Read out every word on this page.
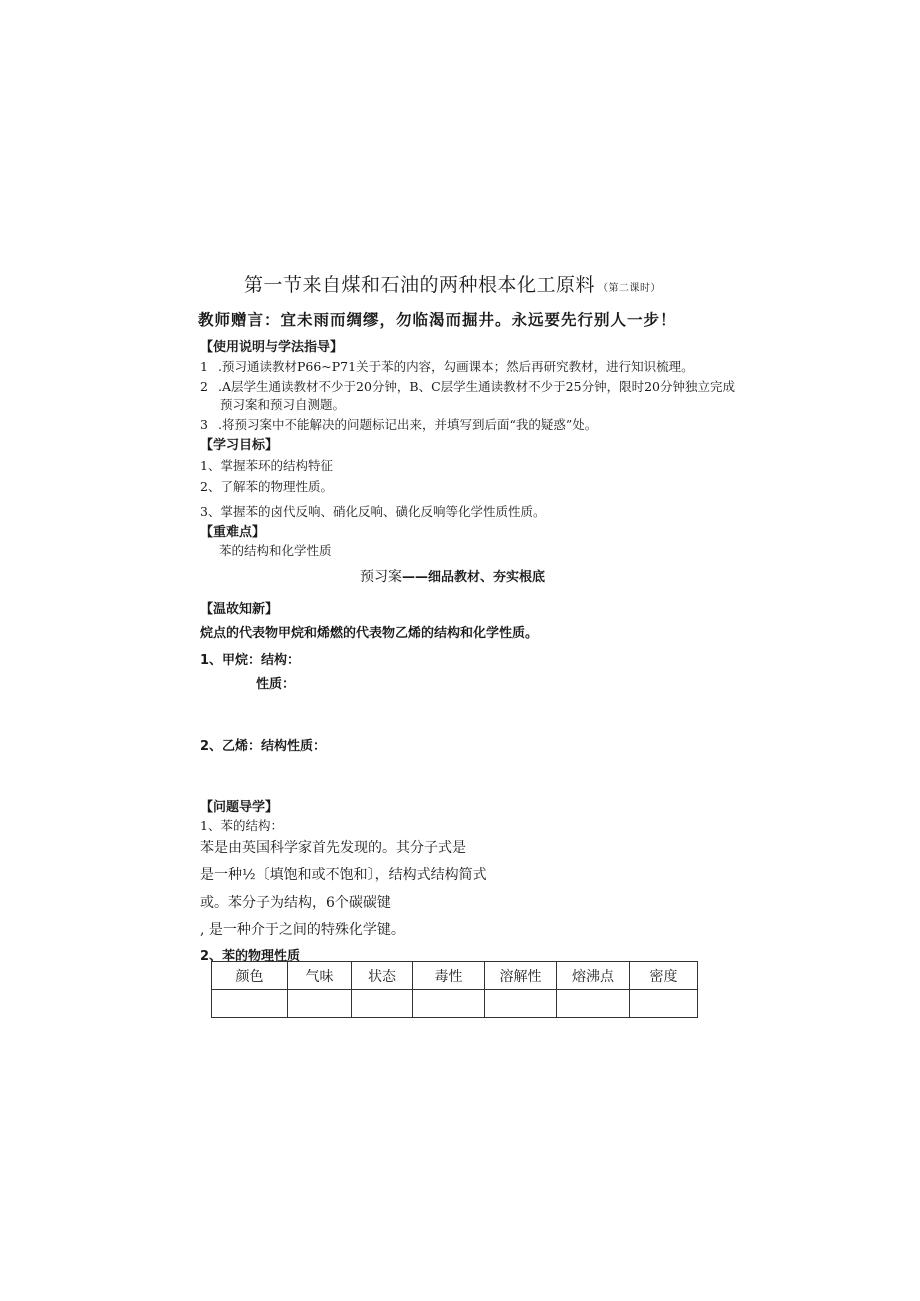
第一节来自煤和石油的两种根本化工原料 （第二课时）
教师赠言：宜未雨而绸缪，勿临渴而掘井。永远要先行别人一步！
【使用说明与学法指导】
1 .预习通读教材P66~P71关于苯的内容，勾画课本；然后再研究教材，进行知识梳理。
2 .A层学生通读教材不少于20分钟，B、C层学生通读教材不少于25分钟，限时20分钟独立完成
预习案和预习自测题。
3 .将预习案中不能解决的问题标记出来，并填写到后面“我的疑惑”处。
【学习目标】
1、掌握苯环的结构特征
2、了解苯的物理性质。
3、掌握苯的卤代反响、硝化反响、磺化反响等化学性质性质。
【重难点】
苯的结构和化学性质
预习案——细品教材、夯实根底
【温故知新】
烷点的代表物甲烷和烯燃的代表物乙烯的结构和化学性质。
1、甲烷：结构：
性质：
2、乙烯：结构性质：
【问题导学】
1、苯的结构：
苯是由英国科学家首先发现的。其分子式是
是一种½〔填饱和或不饱和〕，结构式结构简式
或。苯分子为结构，6个碳碳键
, 是一种介于之间的特殊化学键。
2、苯的物理性质
颜色	气味	状态	毒性	溶解性	熔沸点	密度
